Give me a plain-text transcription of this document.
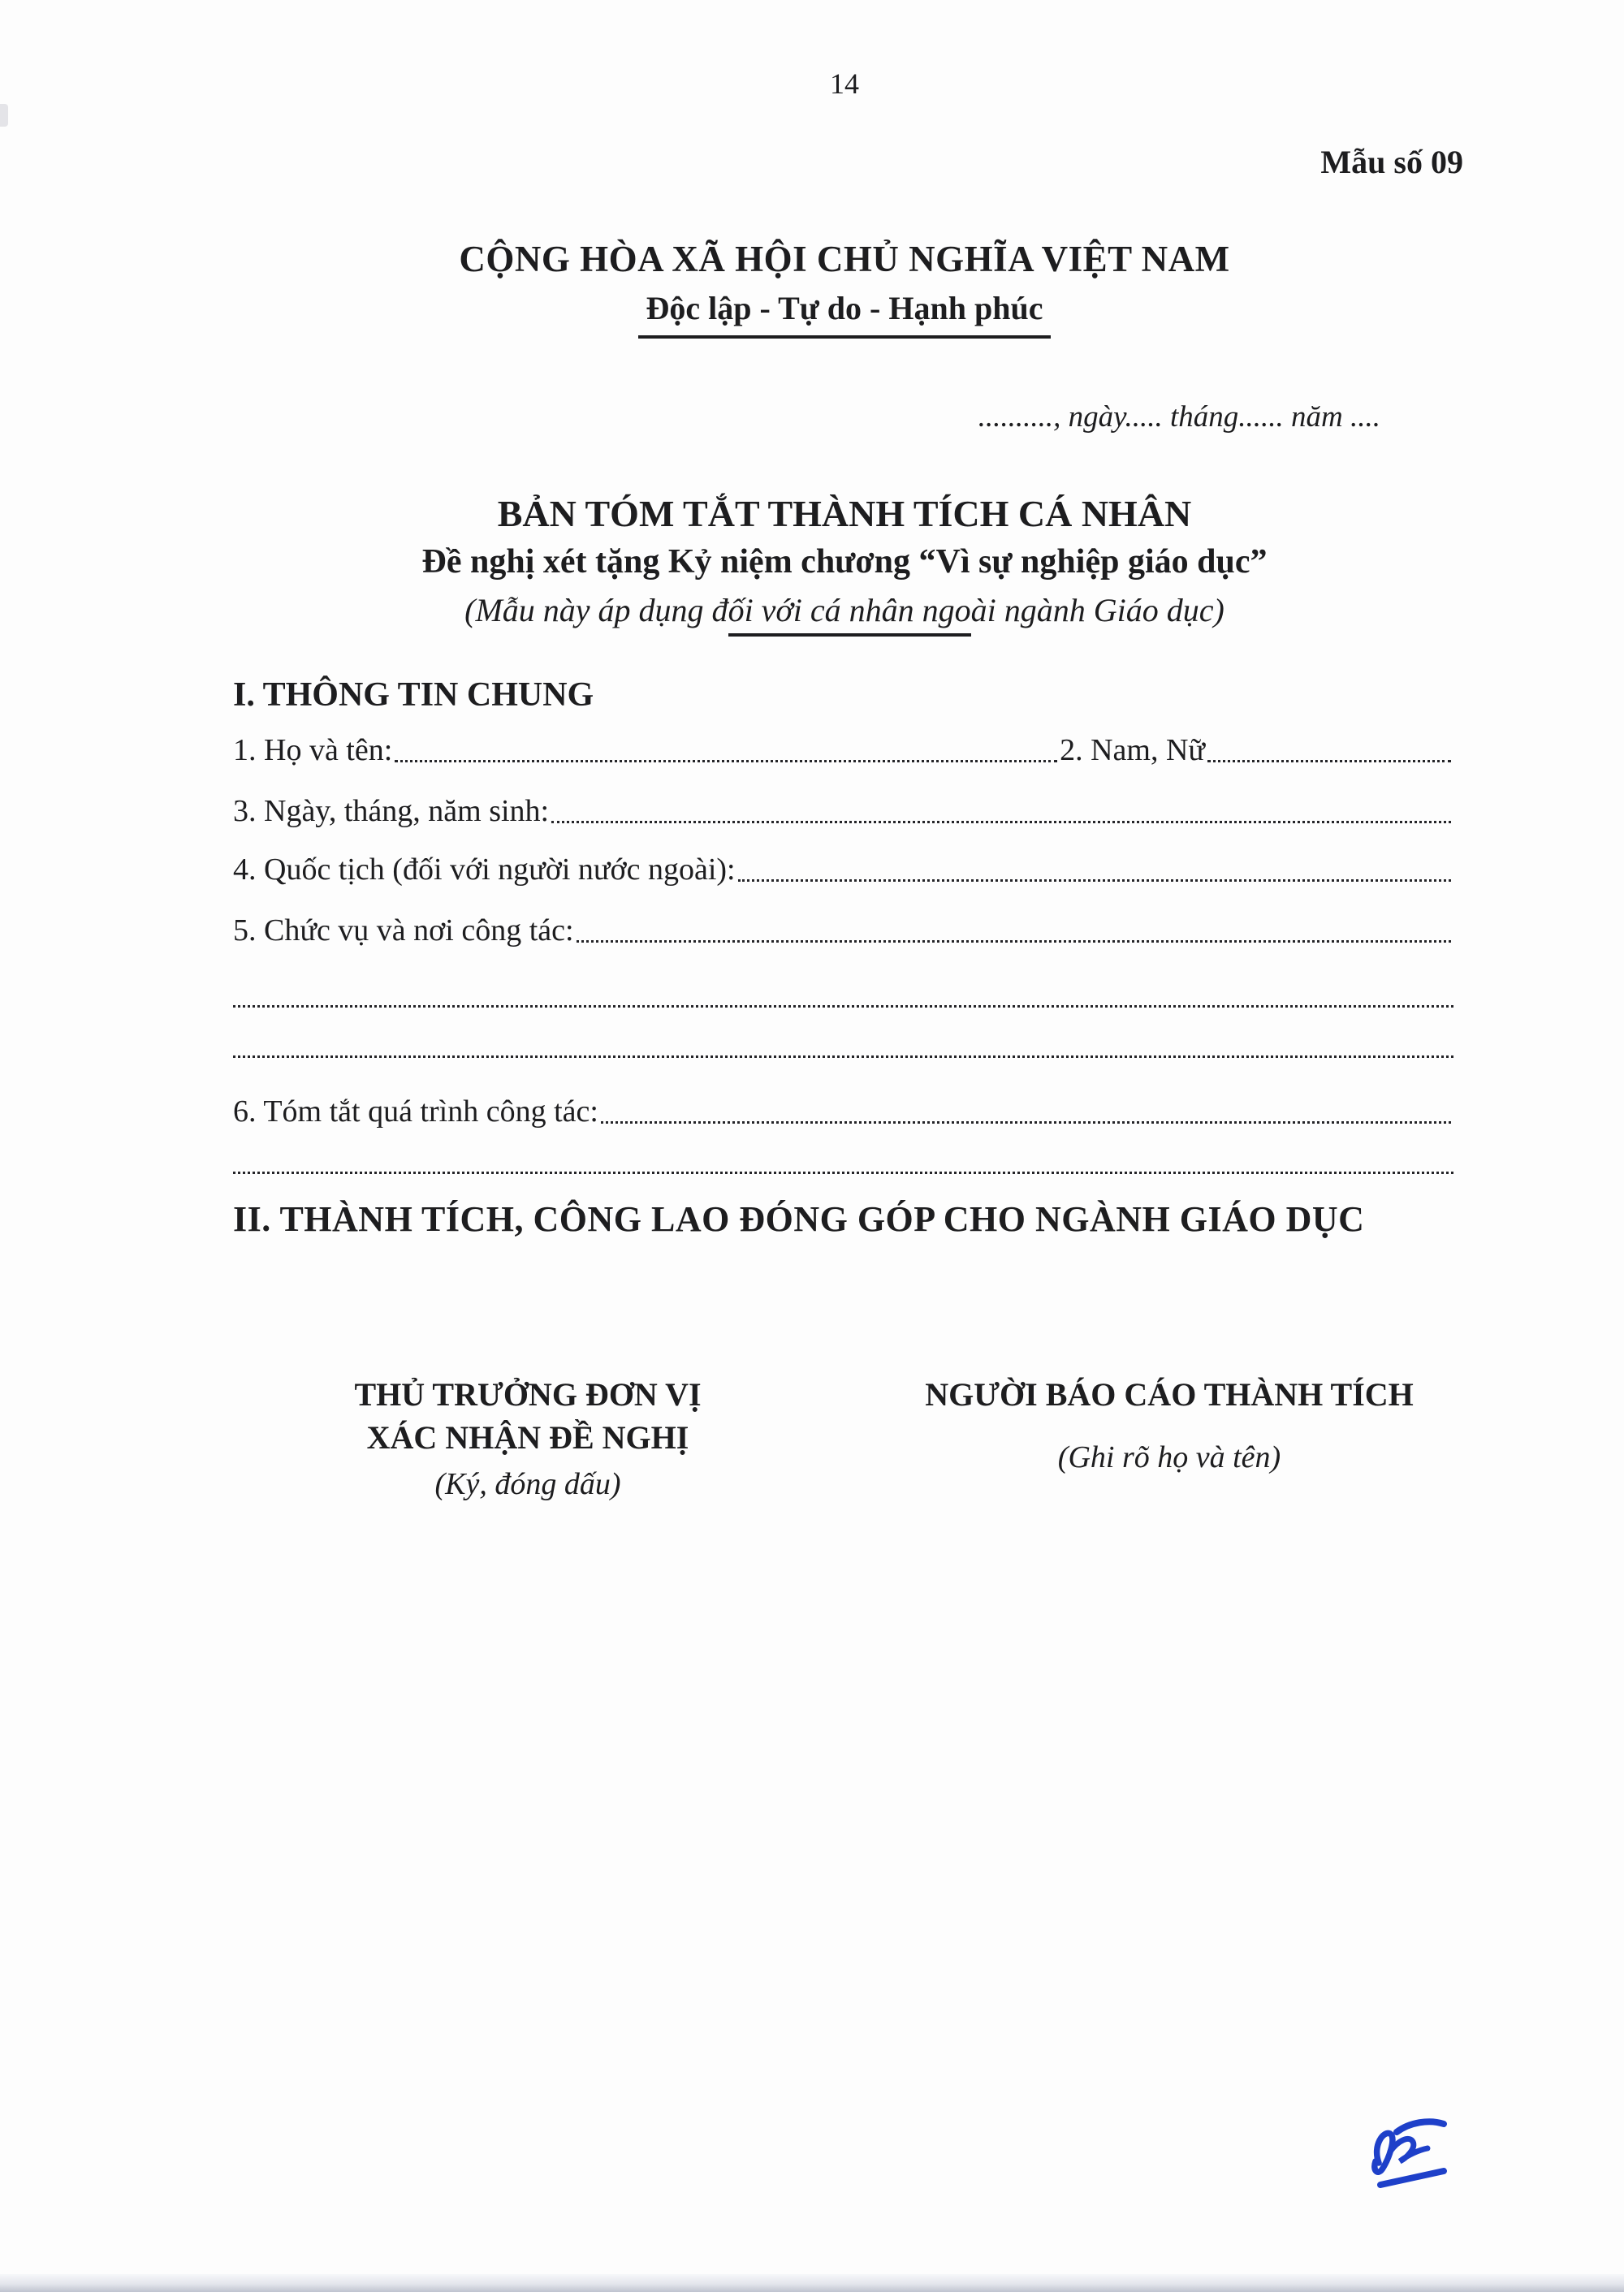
14
Mẫu số 09
CỘNG HÒA XÃ HỘI CHỦ NGHĨA VIỆT NAM
Độc lập - Tự do - Hạnh phúc
.........., ngày..... tháng...... năm ....
BẢN TÓM TẮT THÀNH TÍCH CÁ NHÂN
Đề nghị xét tặng Kỷ niệm chương “Vì sự nghiệp giáo dục”
(Mẫu này áp dụng đối với cá nhân ngoài ngành Giáo dục)
I. THÔNG TIN CHUNG
1. Họ và tên:	2. Nam, Nữ
3. Ngày, tháng, năm sinh:
4. Quốc tịch (đối với người nước ngoài):
5. Chức vụ và nơi công tác:
6. Tóm tắt quá trình công tác:
II. THÀNH TÍCH, CÔNG LAO ĐÓNG GÓP CHO NGÀNH GIÁO DỤC
THỦ TRƯỞNG ĐƠN VỊ
XÁC NHẬN ĐỀ NGHỊ
(Ký, đóng dấu)
NGƯỜI BÁO CÁO THÀNH TÍCH
(Ghi rõ họ và tên)
